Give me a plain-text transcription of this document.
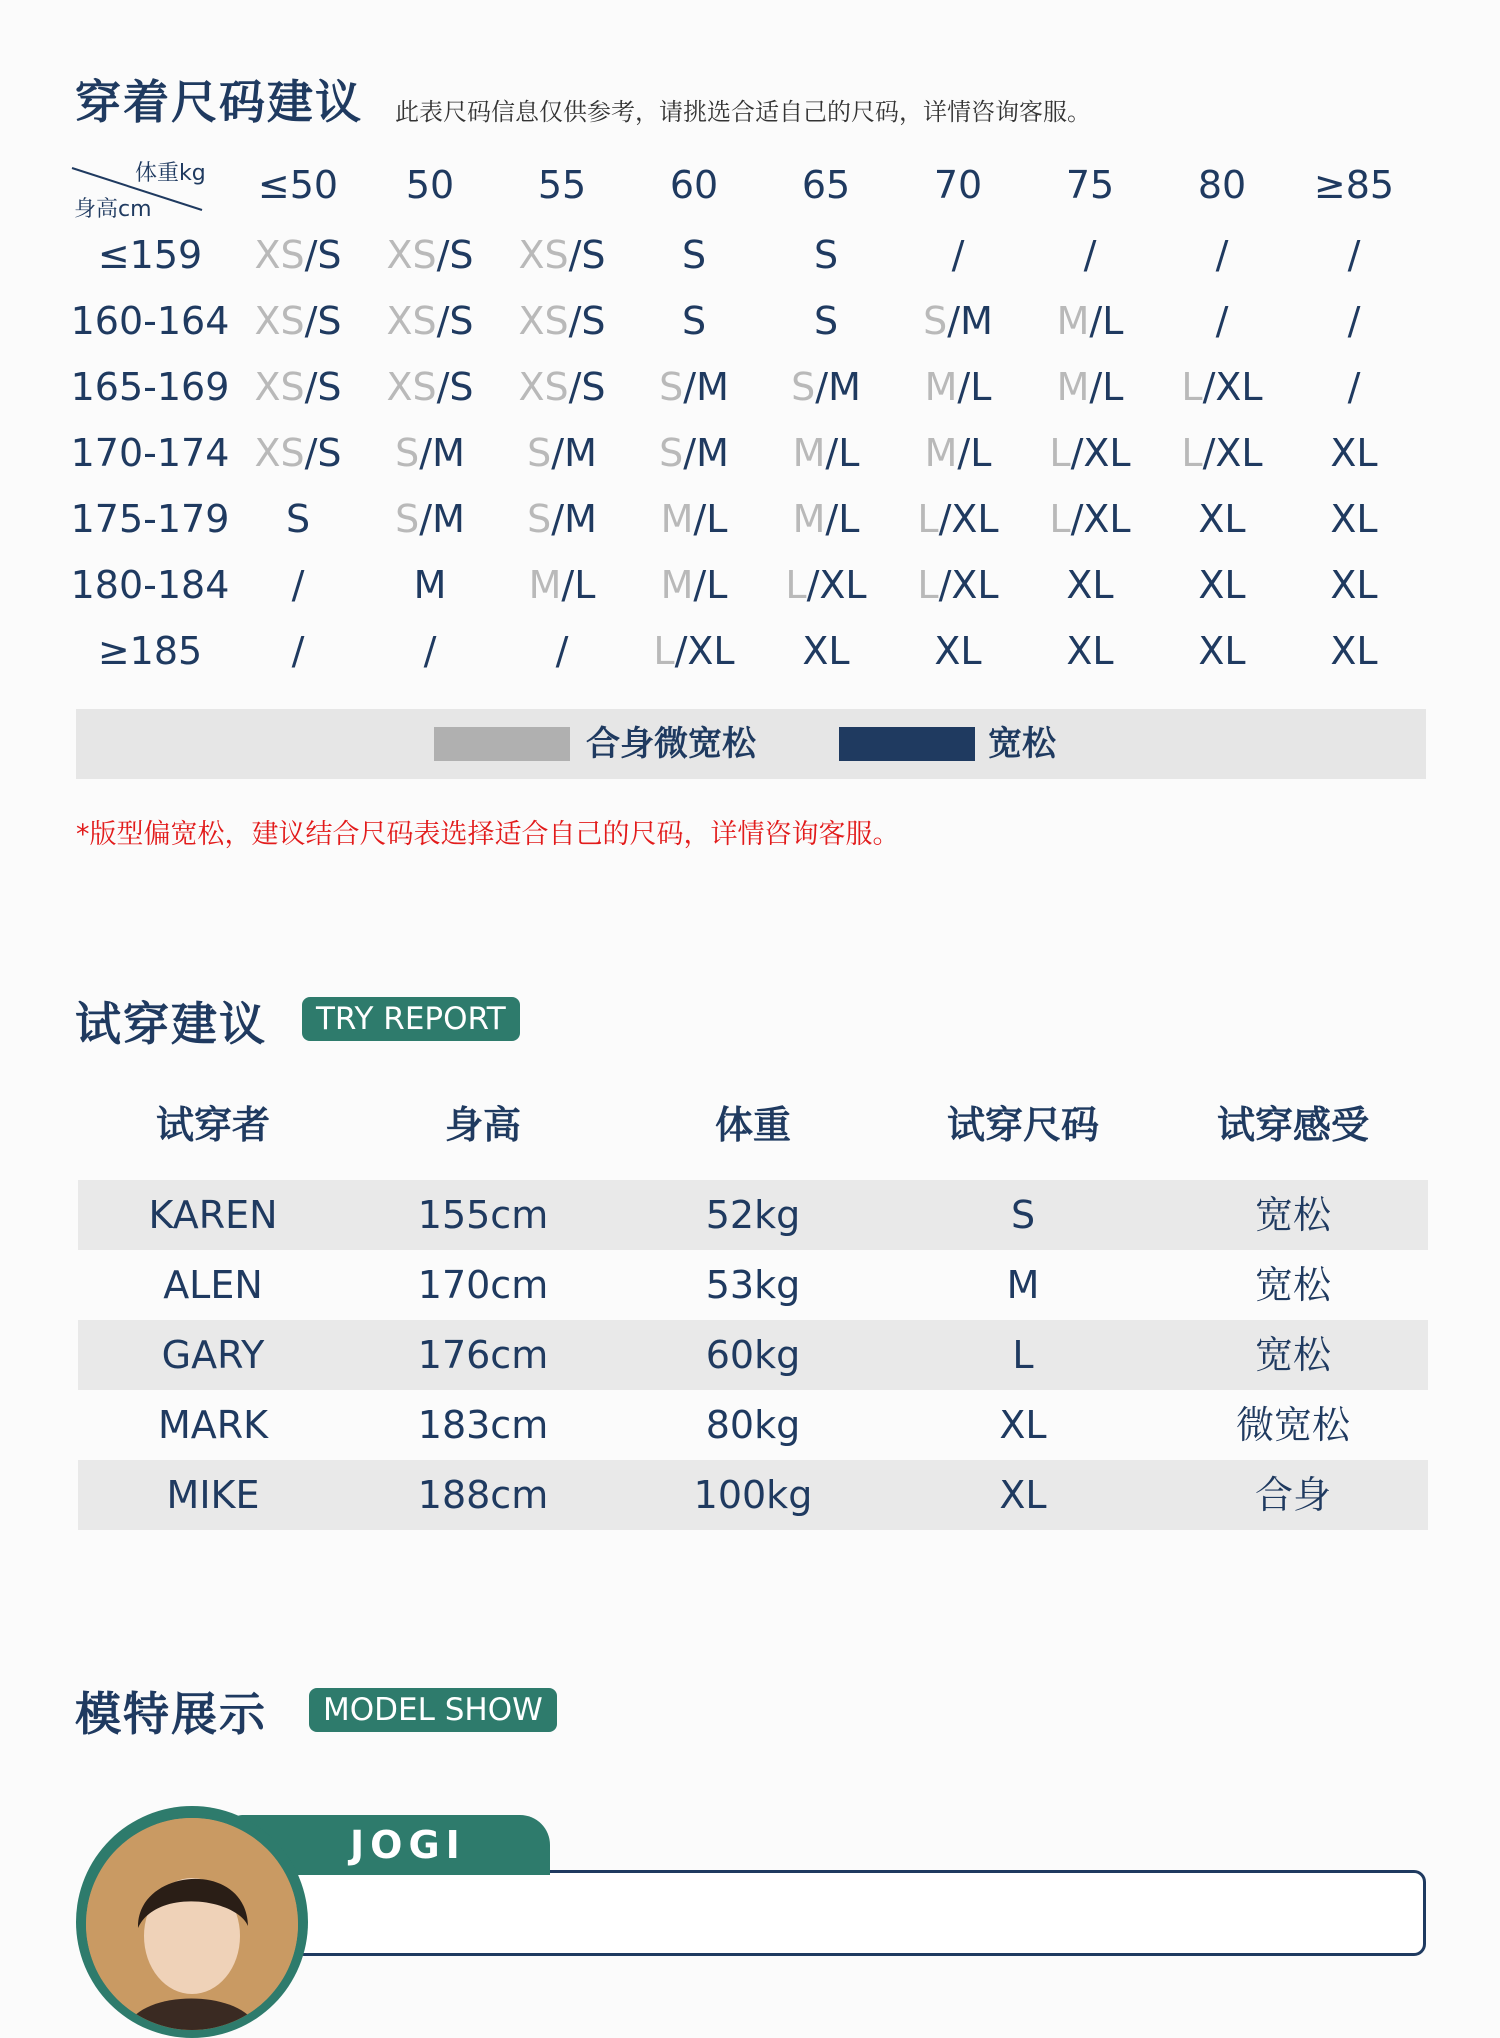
穿着尺码建议 此表尺码信息仅供参考，请挑选合适自己的尺码，详情咨询客服。
体重kg
身高cm
≤50	50	55	60	65	70	75	80	≥85
≤159	XS/S	XS/S	XS/S	S	S	/	/	/	/
160-164 XS/S	XS/S	XS/S	S	S	S/M	M/L	/	/
165-169 XS/S	XS/S	XS/S	S/M	S/M	M/L	M/L	L/XL	/
170-174 XS/S	S/M	S/M	S/M	M/L	M/L	L/XL	L/XL	XL
175-179	S	S/M	S/M	M/L	M/L	L/XL	L/XL	XL	XL
180-184	/	M	M/L	M/L	L/XL	L/XL	XL	XL	XL
≥185	/	/	/	L/XL	XL	XL	XL	XL	XL
合身微宽松	宽松
*版型偏宽松，建议结合尺码表选择适合自己的尺码，详情咨询客服。
试穿建议	TRY REPORT
试穿者	身高	体重	试穿尺码	试穿感受
KAREN	155cm	52kg	S	宽松
ALEN	170cm	53kg	M	宽松
GARY	176cm	60kg	L	宽松
MARK	183cm	80kg	XL	微宽松
MIKE	188cm	100kg	XL	合身
模特展示	MODEL SHOW
JOGI
